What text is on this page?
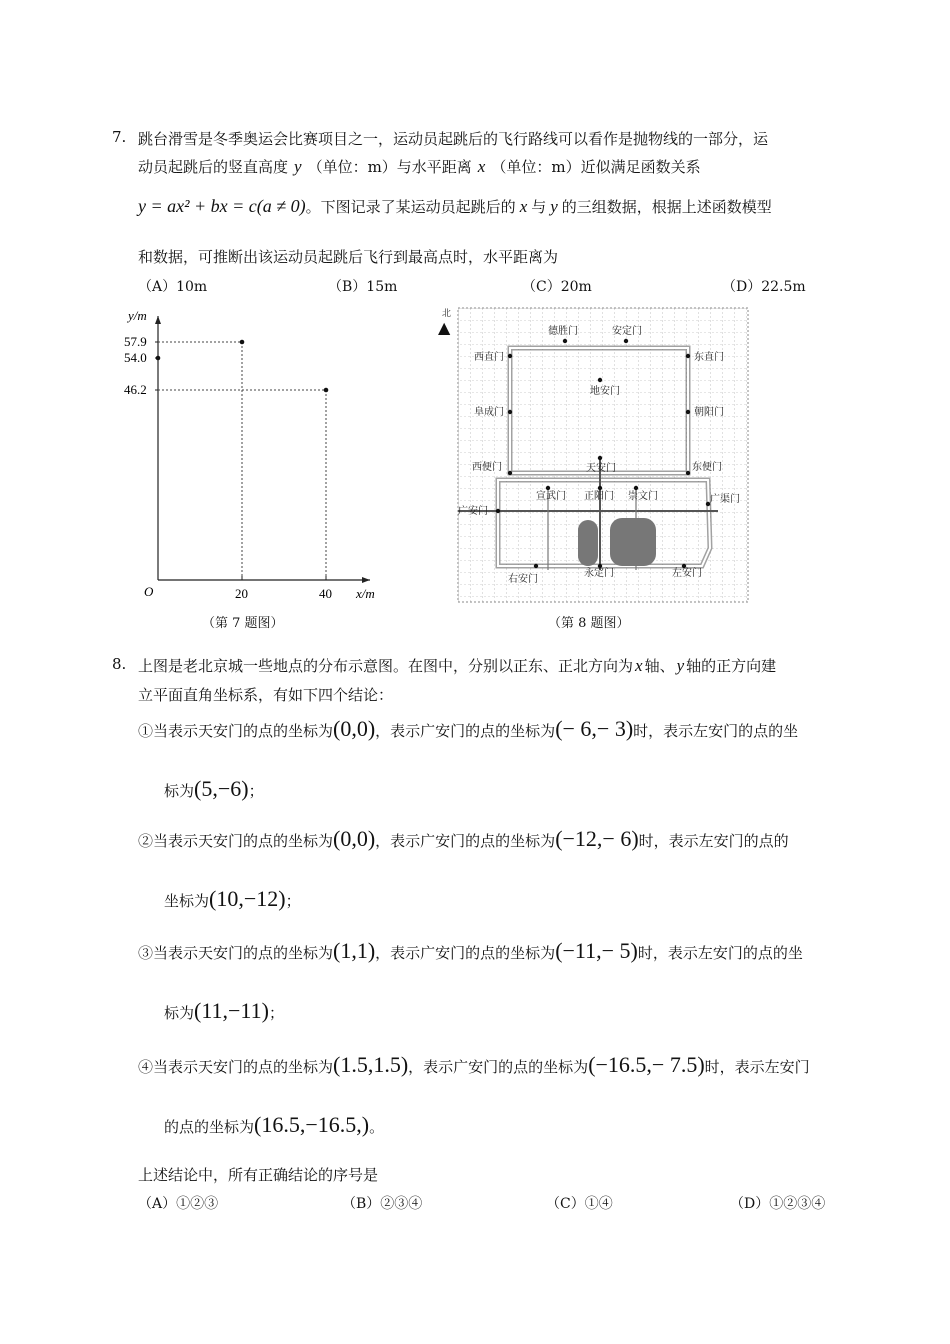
7. 跳台滑雪是冬季奥运会比赛项目之一，运动员起跳后的飞行路线可以看作是抛物线的一部分，运
动员起跳后的竖直高度 y （单位：m）与水平距离 x （单位：m）近似满足函数关系
y = ax² + bx = c(a ≠ 0)。下图记录了某运动员起跳后的 x 与 y 的三组数据，根据上述函数模型
和数据，可推断出该运动员起跳后飞行到最高点时，水平距离为
（A）10m	（B）15m	（C）20m	（D）22.5m
y/m
x/m
O
54.0
57.9
20
46.2
40
（第 7 题图）
北
德胜门	安定门
西直门	东直门
地安门
阜成门	朝阳门
西便门	天安门	东便门
宣武门 正阳门 崇文门	广渠门
广安门
右安门
永定门	左安门
▲
（第 8 题图）
8. 上图是老北京城一些地点的分布示意图。在图中，分别以正东、正北方向为 x 轴、 y 轴的正方向建
立平面直角坐标系，有如下四个结论：
①当表示天安门的点的坐标为(0,0)，表示广安门的点的坐标为(− 6,− 3)时，表示左安门的点的坐
标为(5,−6)；
②当表示天安门的点的坐标为(0,0)，表示广安门的点的坐标为(−12,− 6)时，表示左安门的点的
坐标为(10,−12)；
③当表示天安门的点的坐标为(1,1)，表示广安门的点的坐标为(−11,− 5)时，表示左安门的点的坐
标为(11,−11)；
④当表示天安门的点的坐标为(1.5,1.5)，表示广安门的点的坐标为(−16.5,− 7.5)时，表示左安门
的点的坐标为(16.5,−16.5,)。
上述结论中，所有正确结论的序号是
（A）①②③	（B）②③④	（C）①④	（D）①②③④
